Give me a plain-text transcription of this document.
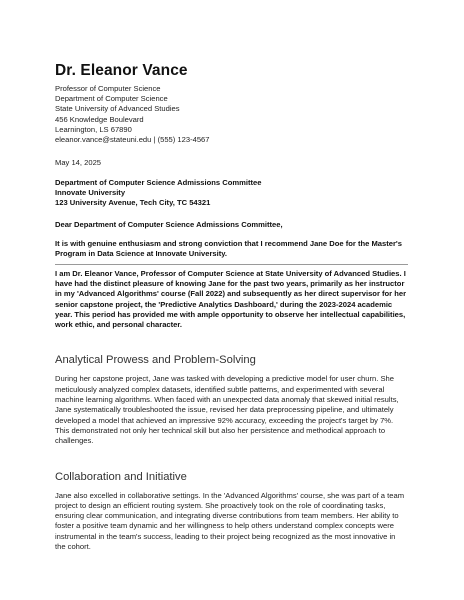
Dr. Eleanor Vance
Professor of Computer Science
Department of Computer Science
State University of Advanced Studies
456 Knowledge Boulevard
Learnington, LS 67890
eleanor.vance@stateuni.edu | (555) 123-4567
May 14, 2025
Department of Computer Science Admissions Committee
Innovate University
123 University Avenue, Tech City, TC 54321
Dear Department of Computer Science Admissions Committee,
It is with genuine enthusiasm and strong conviction that I recommend Jane Doe for the Master's Program in Data Science at Innovate University.
I am Dr. Eleanor Vance, Professor of Computer Science at State University of Advanced Studies. I have had the distinct pleasure of knowing Jane for the past two years, primarily as her instructor in my 'Advanced Algorithms' course (Fall 2022) and subsequently as her direct supervisor for her senior capstone project, the 'Predictive Analytics Dashboard,' during the 2023-2024 academic year. This period has provided me with ample opportunity to observe her intellectual capabilities, work ethic, and personal character.
Analytical Prowess and Problem-Solving
During her capstone project, Jane was tasked with developing a predictive model for user churn. She meticulously analyzed complex datasets, identified subtle patterns, and experimented with several machine learning algorithms. When faced with an unexpected data anomaly that skewed initial results, Jane systematically troubleshooted the issue, revised her data preprocessing pipeline, and ultimately developed a model that achieved an impressive 92% accuracy, exceeding the project's target by 7%. This demonstrated not only her technical skill but also her persistence and methodical approach to challenges.
Collaboration and Initiative
Jane also excelled in collaborative settings. In the 'Advanced Algorithms' course, she was part of a team project to design an efficient routing system. She proactively took on the role of coordinating tasks, ensuring clear communication, and integrating diverse contributions from team members. Her ability to foster a positive team dynamic and her willingness to help others understand complex concepts were instrumental in the team's success, leading to their project being recognized as the most innovative in the cohort.
